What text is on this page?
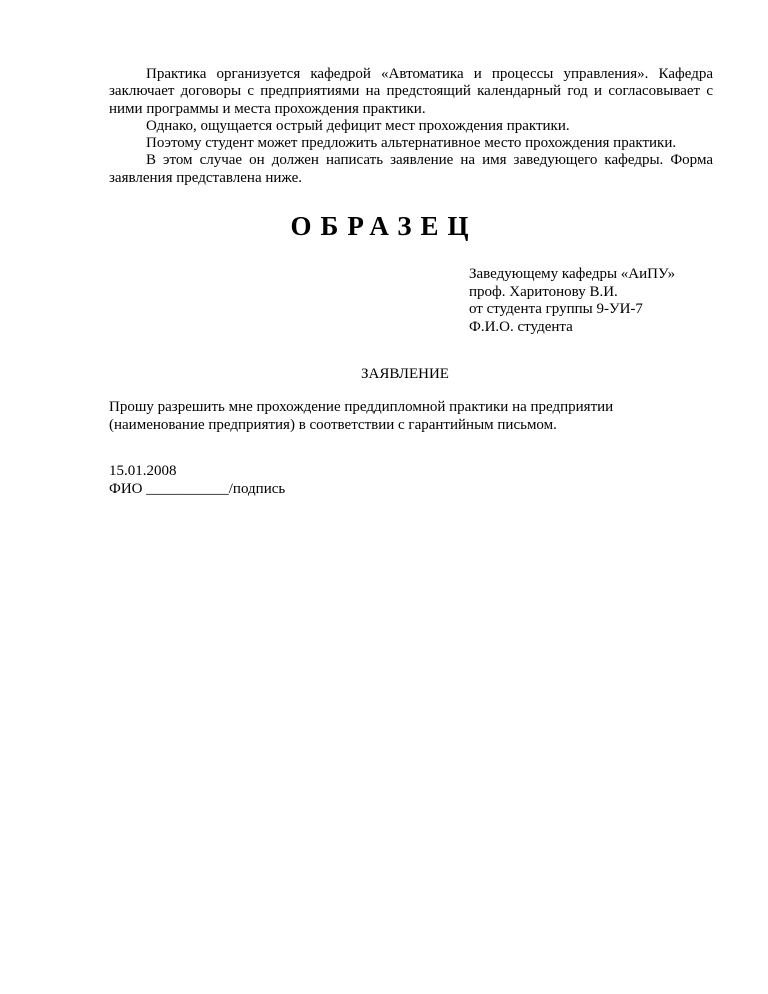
Практика организуется кафедрой «Автоматика и процессы управления». Кафедра заключает договоры с предприятиями на предстоящий календарный год и согласовывает с ними программы и места прохождения практики.

Однако, ощущается острый дефицит мест прохождения практики.

Поэтому студент может предложить альтернативное место прохождения практики.

В этом случае он должен написать заявление на имя заведующего кафедры. Форма заявления представлена ниже.

ОБРАЗЕЦ
Заведующему кафедры «АиПУ»
проф. Харитонову В.И.
от студента группы 9-УИ-7
Ф.И.О. студента
ЗАЯВЛЕНИЕ
Прошу разрешить мне прохождение преддипломной практики на предприятии
(наименование предприятия) в соответствии с гарантийным письмом.
15.01.2008
ФИО ___________/подпись
